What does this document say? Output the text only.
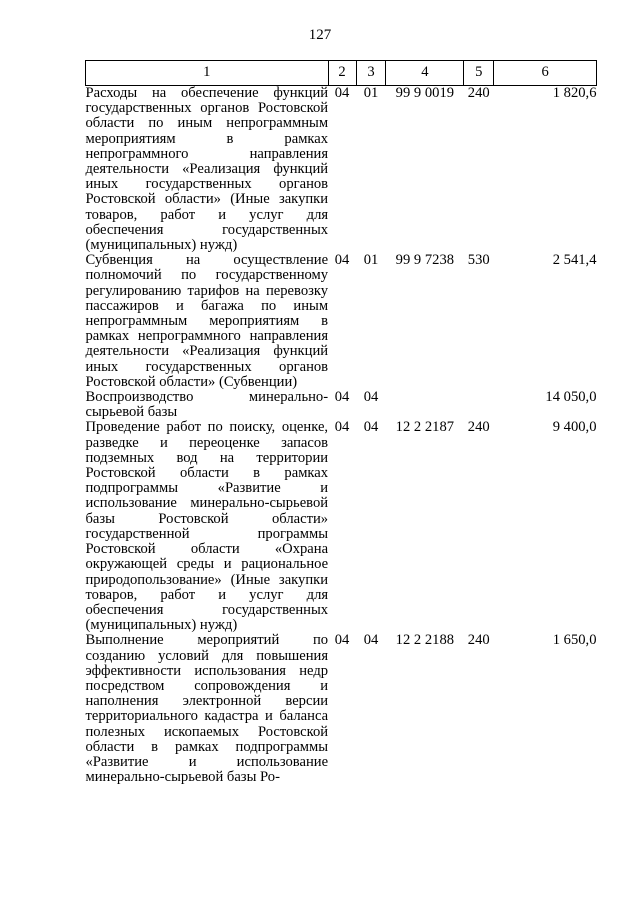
127
1	2	3	4	5	6
Расходы на обеспечение функций государственных органов Ростовской области по иным непрограммным мероприятиям в рамках непрограммного направления деятельности «Реализация функций иных государственных органов Ростовской области» (Иные закупки товаров, работ и услуг для обеспечения государственных (муниципальных) нужд)	04	01	99 9 0019	240	1 820,6
Субвенция на осуществление полномочий по государственному регулированию тарифов на перевозку пассажиров и багажа по иным непрограммным мероприятиям в рамках непрограммного направления деятельности «Реализация функций иных государственных органов Ростовской области» (Субвенции)	04	01	99 9 7238	530	2 541,4
Воспроизводство минерально-сырьевой базы	04	04			14 050,0
Проведение работ по поиску, оценке, разведке и переоценке запасов подземных вод на территории Ростовской области в рамках подпрограммы «Развитие и использование минерально-сырьевой базы Ростовской области» государственной программы Ростовской области «Охрана окружающей среды и рациональное природопользование» (Иные закупки товаров, работ и услуг для обеспечения государственных (муниципальных) нужд)	04	04	12 2 2187	240	9 400,0
Выполнение мероприятий по созданию условий для повышения эффективности использования недр посредством сопровождения и наполнения электронной версии территориального кадастра и баланса полезных ископаемых Ростовской области в рамках подпрограммы «Развитие и использование минерально-сырьевой базы Ро-	04	04	12 2 2188	240	1 650,0
